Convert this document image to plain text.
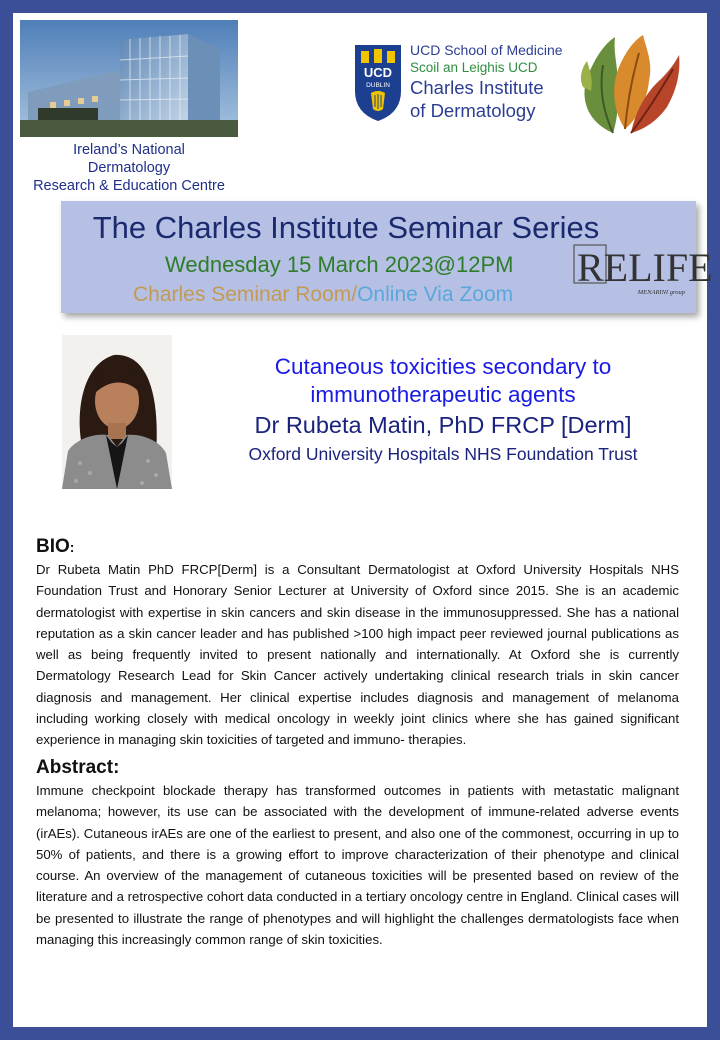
Ireland’s National
Dermatology
Research & Education Centre
UCD
DUBLIN
UCD School of Medicine
Scoil an Leighis UCD
Charles Institute
of Dermatology
The Charles Institute Seminar Series
Wednesday 15 March 2023@12PM
Charles Seminar Room/Online Via Zoom
RELIFE
MENARINI group
Cutaneous toxicities secondary to
immunotherapeutic agents
Dr Rubeta Matin, PhD FRCP [Derm]
Oxford University Hospitals NHS Foundation Trust
BIO:

Dr Rubeta Matin PhD FRCP[Derm] is a Consultant Dermatologist at Oxford University Hospitals NHS Foundation Trust and Honorary Senior Lecturer at University of Oxford since 2015. She is an academic dermatologist with expertise in skin cancers and skin disease in the immunosuppressed. She has a national reputation as a skin cancer leader and has published >100 high impact peer reviewed journal publications as well as being frequently invited to present nationally and internationally. At Oxford she is currently Dermatology Research Lead for Skin Cancer actively undertaking clinical research trials in skin cancer diagnosis and management. Her clinical expertise includes diagnosis and management of melanoma including working closely with medical oncology in weekly joint clinics where she has gained significant experience in managing skin toxicities of targeted and immuno- therapies.

Abstract:

Immune checkpoint blockade therapy has transformed outcomes in patients with metastatic malignant melanoma; however, its use can be associated with the development of immune-related adverse events (irAEs). Cutaneous irAEs are one of the earliest to present, and also one of the commonest, occurring in up to 50% of patients, and there is a growing effort to improve characterization of their phenotype and clinical course. An overview of the management of cutaneous toxicities will be presented based on review of the literature and a retrospective cohort data conducted in a tertiary oncology centre in England. Clinical cases will be presented to illustrate the range of phenotypes and will highlight the challenges dermatologists face when managing this increasingly common range of skin toxicities.
